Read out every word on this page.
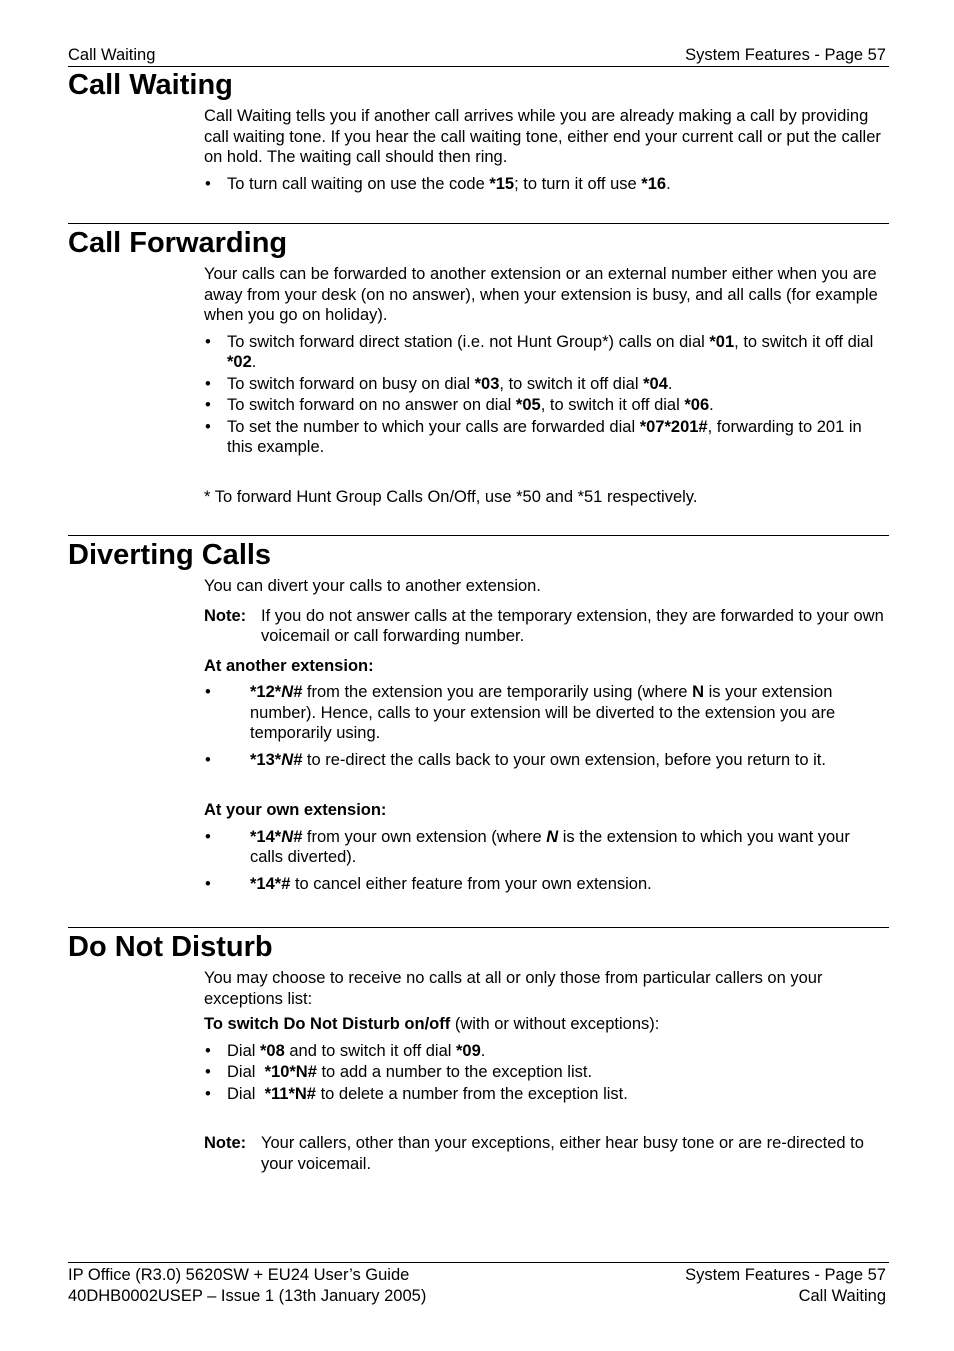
Call Waiting	System Features - Page 57
Call Waiting

Call Waiting tells you if another call arrives while you are already making a call by providing call waiting tone. If you hear the call waiting tone, either end your current call or put the caller on hold. The waiting call should then ring.

• To turn call waiting on use the code *15; to turn it off use *16.
Call Forwarding

Your calls can be forwarded to another extension or an external number either when you are away from your desk (on no answer), when your extension is busy, and all calls (for example when you go on holiday).

• To switch forward direct station (i.e. not Hunt Group*) calls on dial *01, to switch it off dial *02.
• To switch forward on busy on dial *03, to switch it off dial *04.
• To switch forward on no answer on dial *05, to switch it off dial *06.
• To set the number to which your calls are forwarded dial *07*201#, forwarding to 201 in this example.

* To forward Hunt Group Calls On/Off, use *50 and *51 respectively.

Diverting Calls

You can divert your calls to another extension.

Note: If you do not answer calls at the temporary extension, they are forwarded to your own voicemail or call forwarding number.

At another extension:

• *12*N# from the extension you are temporarily using (where N is your extension number). Hence, calls to your extension will be diverted to the extension you are temporarily using.
• *13*N# to re-direct the calls back to your own extension, before you return to it.

At your own extension:

• *14*N# from your own extension (where N is the extension to which you want your calls diverted).
• *14*# to cancel either feature from your own extension.
Do Not Disturb

You may choose to receive no calls at all or only those from particular callers on your exceptions list:

To switch Do Not Disturb on/off (with or without exceptions):

• Dial *08 and to switch it off dial *09.
• Dial  *10*N# to add a number to the exception list.
• Dial  *11*N# to delete a number from the exception list.
Note: Your callers, other than your exceptions, either hear busy tone or are re-directed to your voicemail.
IP Office (R3.0) 5620SW + EU24 User’s Guide	System Features - Page 57
40DHB0002USEP – Issue 1 (13th January 2005)	Call Waiting
